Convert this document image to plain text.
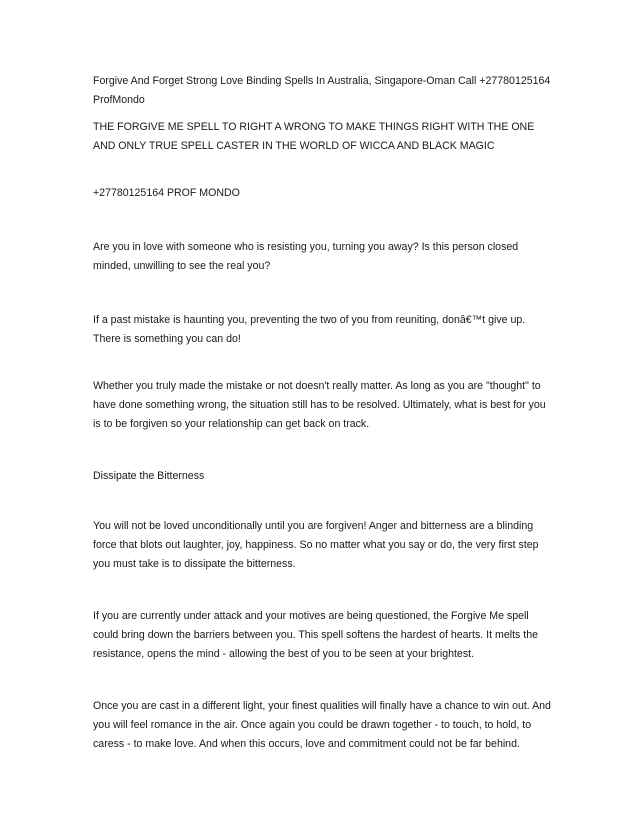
Forgive And Forget Strong Love Binding Spells In Australia, Singapore-Oman Call +27780125164 ProfMondo

THE FORGIVE ME SPELL TO RIGHT A WRONG TO MAKE THINGS RIGHT WITH THE ONE AND ONLY TRUE SPELL CASTER IN THE WORLD OF WICCA AND BLACK MAGIC

+27780125164 PROF MONDO

Are you in love with someone who is resisting you, turning you away? Is this person closed minded, unwilling to see the real you?

If a past mistake is haunting you, preventing the two of you from reuniting, donâ€™t give up. There is something you can do!

Whether you truly made the mistake or not doesn't really matter. As long as you are "thought" to have done something wrong, the situation still has to be resolved. Ultimately, what is best for you is to be forgiven so your relationship can get back on track.

Dissipate the Bitterness

You will not be loved unconditionally until you are forgiven! Anger and bitterness are a blinding force that blots out laughter, joy, happiness. So no matter what you say or do, the very first step you must take is to dissipate the bitterness.

If you are currently under attack and your motives are being questioned, the Forgive Me spell could bring down the barriers between you. This spell softens the hardest of hearts. It melts the resistance, opens the mind - allowing the best of you to be seen at your brightest.

Once you are cast in a different light, your finest qualities will finally have a chance to win out. And you will feel romance in the air. Once again you could be drawn together - to touch, to hold, to caress - to make love. And when this occurs, love and commitment could not be far behind.
